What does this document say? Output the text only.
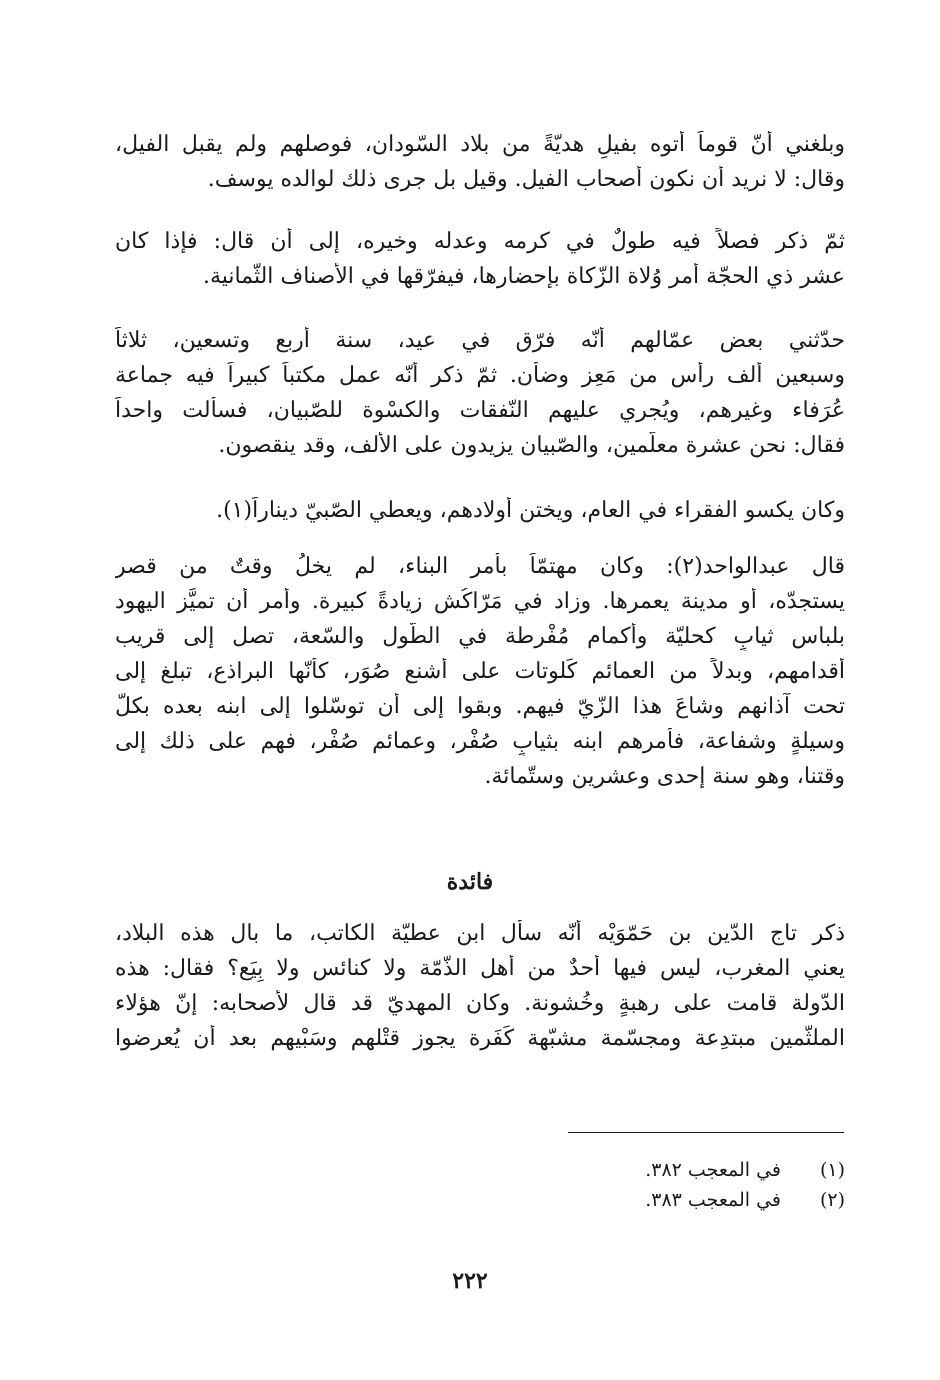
وبلغني أنّ قوماً أتوه بفيلٍ هديّةً من بلاد السّودان، فوصلهم ولم يقبل الفيل،
وقال: لا نريد أن نكون أصحاب الفيل. وقيل بل جرى ذلك لوالده يوسف.
ثمّ ذكر فصلاً فيه طولٌ في كرمه وعدله وخيره، إلى أن قال: فإذا كان
عشر ذي الحجّة أمر وُلاة الزّكاة بإحضارها، فيفرّقها في الأصناف الثّمانية.
حدّثني بعض عمّالهم أنّه فرّق في عيد، سنة أربع وتسعين، ثلاثاً
وسبعين ألف رأس من مَعِز وضأن. ثمّ ذكر أنّه عمل مكتباً كبيراً فيه جماعة
عُرَفاء وغيرهم، ويُجري عليهم النّفقات والكسْوة للصّبيان، فسألت واحداً
فقال: نحن عشرة معلّمين، والصّبيان يزيدون على الألف، وقد ينقصون.
وكان يكسو الفقراء في العام، ويختن أولادهم، ويعطي الصّبيّ ديناراً(١).
قال عبدالواحد(٢): وكان مهتمّاً بأمر البناء، لم يخلُ وقتٌ من قصر
يستجدّه، أو مدينة يعمرها. وزاد في مَرّاكُش زيادةً كبيرة. وأمر أن تميَّز اليهود
بلباس ثيابٍ كحليّة وأكمام مُفْرطة في الطُّول والسّعة، تصل إلى قريب
أقدامهم، وبدلاً من العمائم كَلوتات على أشنع صُوَر، كأنّها البراذع، تبلغ إلى
تحت آذانهم وشاعَ هذا الزّيّ فيهم. وبقوا إلى أن توسّلوا إلى ابنه بعده بكلّ
وسيلةٍ وشفاعة، فأمرهم ابنه بثيابٍ صُفْر، وعمائم صُفْر، فهم على ذلك إلى
وقتنا، وهو سنة إحدى وعشرين وستّمائة.
فائدة
ذكر تاج الدّين بن حَمّوَيْه أنّه سأل ابن عطيّة الكاتب، ما بال هذه البلاد،
يعني المغرب، ليس فيها أحدٌ من أهل الذّمّة ولا كنائس ولا بِيَع؟ فقال: هذه
الدّولة قامت على رهبةٍ وخُشونة. وكان المهديّ قد قال لأصحابه: إنّ هؤلاء
الملثّمين مبتدِعة ومجسّمة مشبّهة كَفَرة يجوز قتْلهم وسَبْيهم بعد أن يُعرضوا
(١)في المعجب ٣٨٢.
(٢)في المعجب ٣٨٣.
٢٢٢
